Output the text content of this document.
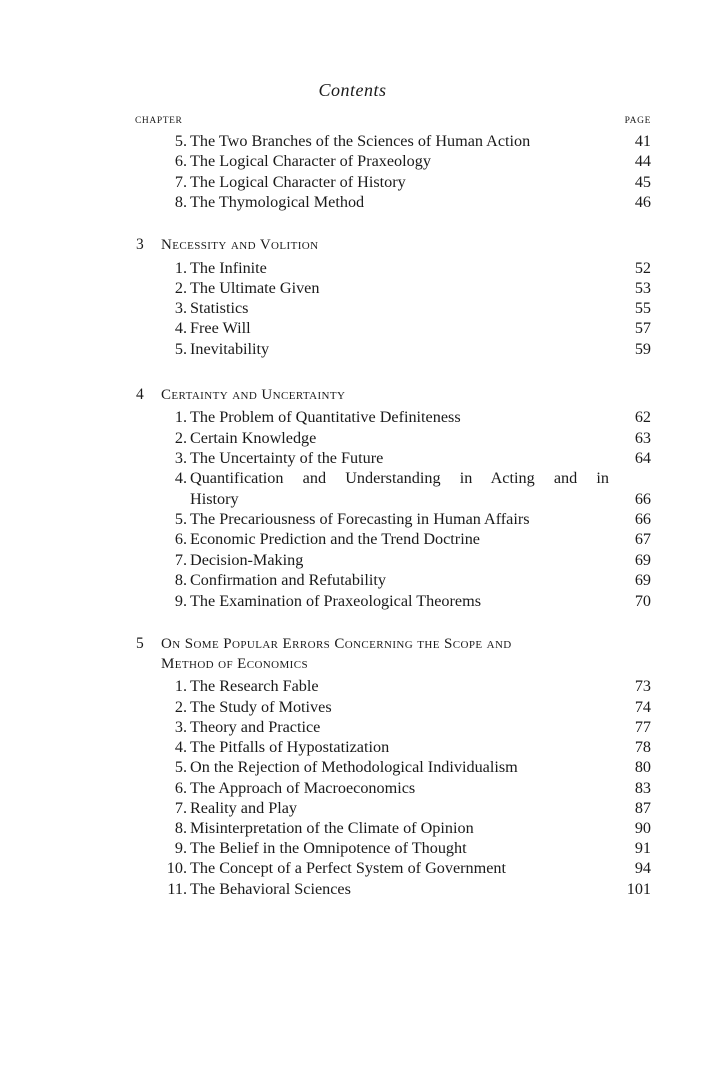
Contents
CHAPTER	PAGE
5. The Two Branches of the Sciences of Human Action	41
6. The Logical Character of Praxeology	44
7. The Logical Character of History	45
8. The Thymological Method	46
3 Necessity and Volition
1. The Infinite	52
2. The Ultimate Given	53
3. Statistics	55
4. Free Will	57
5. Inevitability	59
4 Certainty and Uncertainty
1. The Problem of Quantitative Definiteness	62
2. Certain Knowledge	63
3. The Uncertainty of the Future	64
4. Quantification and Understanding in Acting and in
History	66
5. The Precariousness of Forecasting in Human Affairs	66
6. Economic Prediction and the Trend Doctrine	67
7. Decision-Making	69
8. Confirmation and Refutability	69
9. The Examination of Praxeological Theorems	70
5 On Some Popular Errors Concerning the Scope and
Method of Economics
1. The Research Fable	73
2. The Study of Motives	74
3. Theory and Practice	77
4. The Pitfalls of Hypostatization	78
5. On the Rejection of Methodological Individualism	80
6. The Approach of Macroeconomics	83
7. Reality and Play	87
8. Misinterpretation of the Climate of Opinion	90
9. The Belief in the Omnipotence of Thought	91
10. The Concept of a Perfect System of Government	94
11. The Behavioral Sciences	101
